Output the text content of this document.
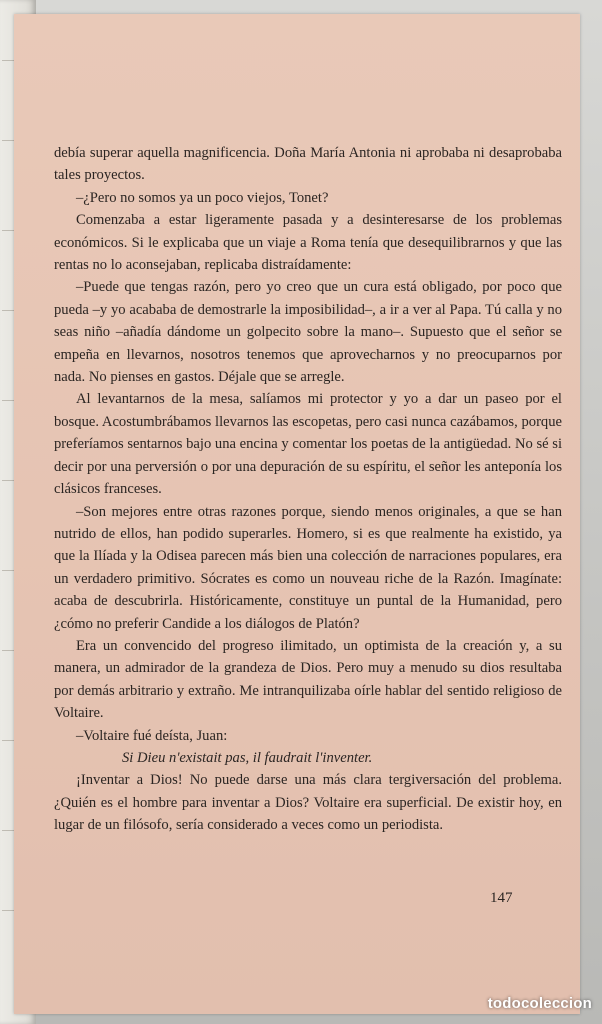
debía superar aquella magnificencia. Doña María Antonia ni aprobaba ni desaprobaba tales proyectos.

–¿Pero no somos ya un poco viejos, Tonet?

Comenzaba a estar ligeramente pasada y a desinteresarse de los problemas económicos. Si le explicaba que un viaje a Roma tenía que desequilibrarnos y que las rentas no lo aconsejaban, replicaba distraídamente:

–Puede que tengas razón, pero yo creo que un cura está obligado, por poco que pueda –y yo acababa de demostrarle la imposibilidad–, a ir a ver al Papa. Tú calla y no seas niño –añadía dándome un golpecito sobre la mano–. Supuesto que el señor se empeña en llevarnos, nosotros tenemos que aprovecharnos y no preocuparnos por nada. No pienses en gastos. Déjale que se arregle.

Al levantarnos de la mesa, salíamos mi protector y yo a dar un paseo por el bosque. Acostumbrábamos llevarnos las escopetas, pero casi nunca cazábamos, porque preferíamos sentarnos bajo una encina y comentar los poetas de la antigüedad. No sé si decir por una perversión o por una depuración de su espíritu, el señor les anteponía los clásicos franceses.

–Son mejores entre otras razones porque, siendo menos originales, a que se han nutrido de ellos, han podido superarles. Homero, si es que realmente ha existido, ya que la Ilíada y la Odisea parecen más bien una colección de narraciones populares, era un verdadero primitivo. Sócrates es como un nouveau riche de la Razón. Imagínate: acaba de descubrirla. Históricamente, constituye un puntal de la Humanidad, pero ¿cómo no preferir Candide a los diálogos de Platón?

Era un convencido del progreso ilimitado, un optimista de la creación y, a su manera, un admirador de la grandeza de Dios. Pero muy a menudo su dios resultaba por demás arbitrario y extraño. Me intranquilizaba oírle hablar del sentido religioso de Voltaire.

–Voltaire fué deísta, Juan:

Si Dieu n'existait pas, il faudrait l'inventer.

¡Inventar a Dios! No puede darse una más clara tergiversación del problema. ¿Quién es el hombre para inventar a Dios? Voltaire era superficial. De existir hoy, en lugar de un filósofo, sería considerado a veces como un periodista.

147
todocoleccion
